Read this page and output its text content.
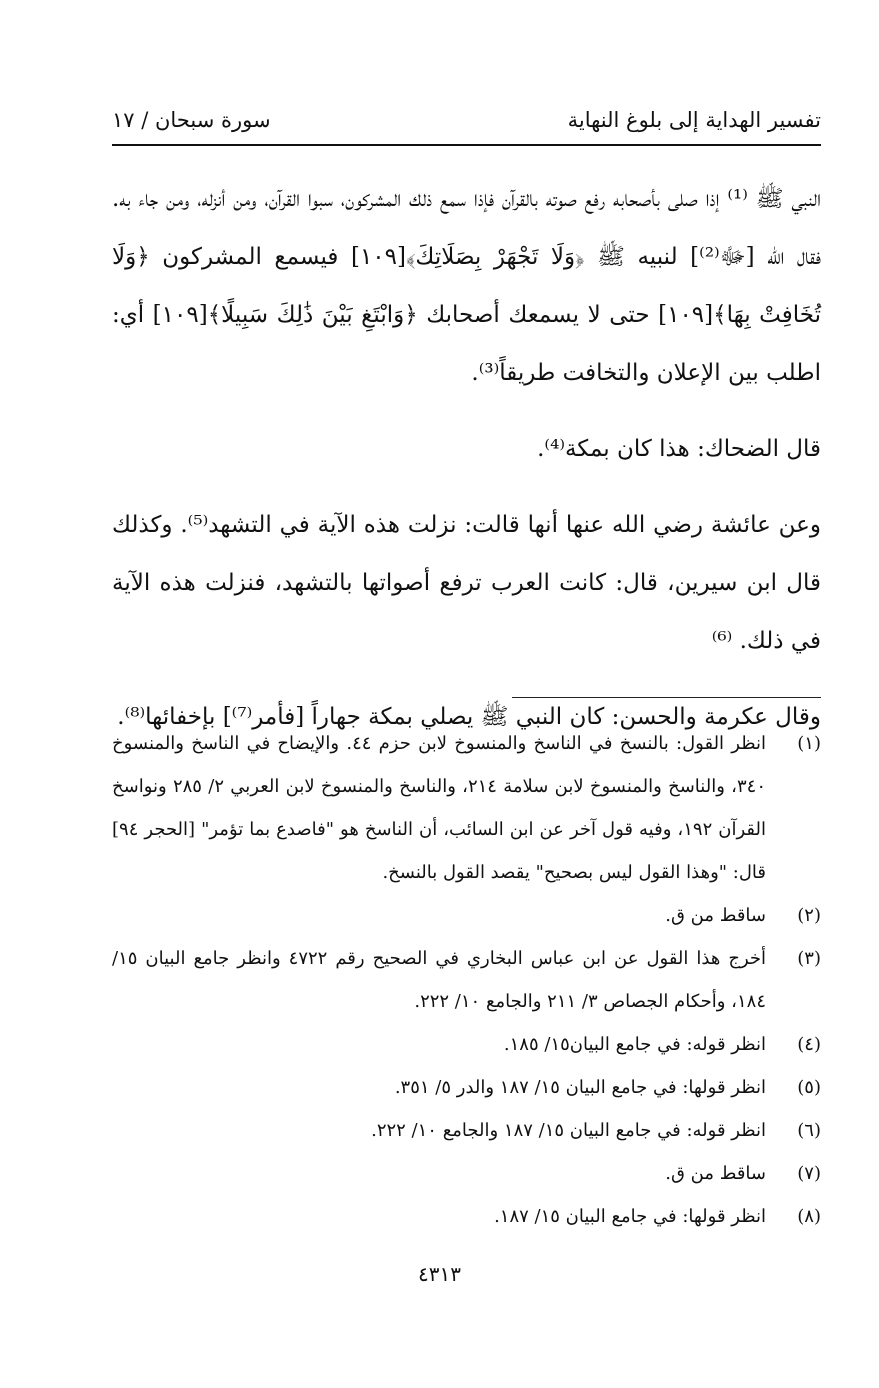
تفسير الهداية إلى بلوغ النهاية
سورة سبحان / ١٧

النبي ﷺ ⁽¹⁾ إذا صلى بأصحابه رفع صوته بالقرآن فإذا سمع ذلك المشركون، سبوا القرآن، ومن أنزله، ومن جاء به. فقال الله [ﷻ⁽²⁾] لنبيه ﷺ ﴿وَلَا تَجْهَرْ بِصَلَاتِكَ﴾[١٠٩] فيسمع المشركون ﴿وَلَا تُخَافِتْ بِهَا﴾[١٠٩] حتى لا يسمعك أصحابك ﴿وَابْتَغِ بَيْنَ ذَٰلِكَ سَبِيلًا﴾[١٠٩] أي: اطلب بين الإعلان والتخافت طريقاً⁽³⁾.

قال الضحاك: هذا كان بمكة⁽⁴⁾.

وعن عائشة رضي الله عنها أنها قالت: نزلت هذه الآية في التشهد⁽⁵⁾. وكذلك قال ابن سيرين، قال: كانت العرب ترفع أصواتها بالتشهد، فنزلت هذه الآية في ذلك. ⁽⁶⁾

وقال عكرمة والحسن: كان النبي ﷺ يصلي بمكة جهاراً [فأمر⁽⁷⁾] بإخفائها⁽⁸⁾.

(١)
انظر القول: بالنسخ في الناسخ والمنسوخ لابن حزم ٤٤. والإيضاح في الناسخ والمنسوخ ٣٤٠، والناسخ والمنسوخ لابن سلامة ٢١٤، والناسخ والمنسوخ لابن العربي ٢/ ٢٨٥ ونواسخ القرآن ١٩٢، وفيه قول آخر عن ابن السائب، أن الناسخ هو "فاصدع بما تؤمر" [الحجر ٩٤] قال: "وهذا القول ليس بصحيح" يقصد القول بالنسخ.
(٢)
ساقط من ق.
(٣)
أخرج هذا القول عن ابن عباس البخاري في الصحيح رقم ٤٧٢٢ وانظر جامع البيان ١٥/ ١٨٤، وأحكام الجصاص ٣/ ٢١١ والجامع ١٠/ ٢٢٢.
(٤)
انظر قوله: في جامع البيان١٥/ ١٨٥.
(٥)
انظر قولها: في جامع البيان ١٥/ ١٨٧ والدر ٥/ ٣٥١.
(٦)
انظر قوله: في جامع البيان ١٥/ ١٨٧ والجامع ١٠/ ٢٢٢.
(٧)
ساقط من ق.
(٨)
انظر قولها: في جامع البيان ١٥/ ١٨٧.
٤٣١٣
